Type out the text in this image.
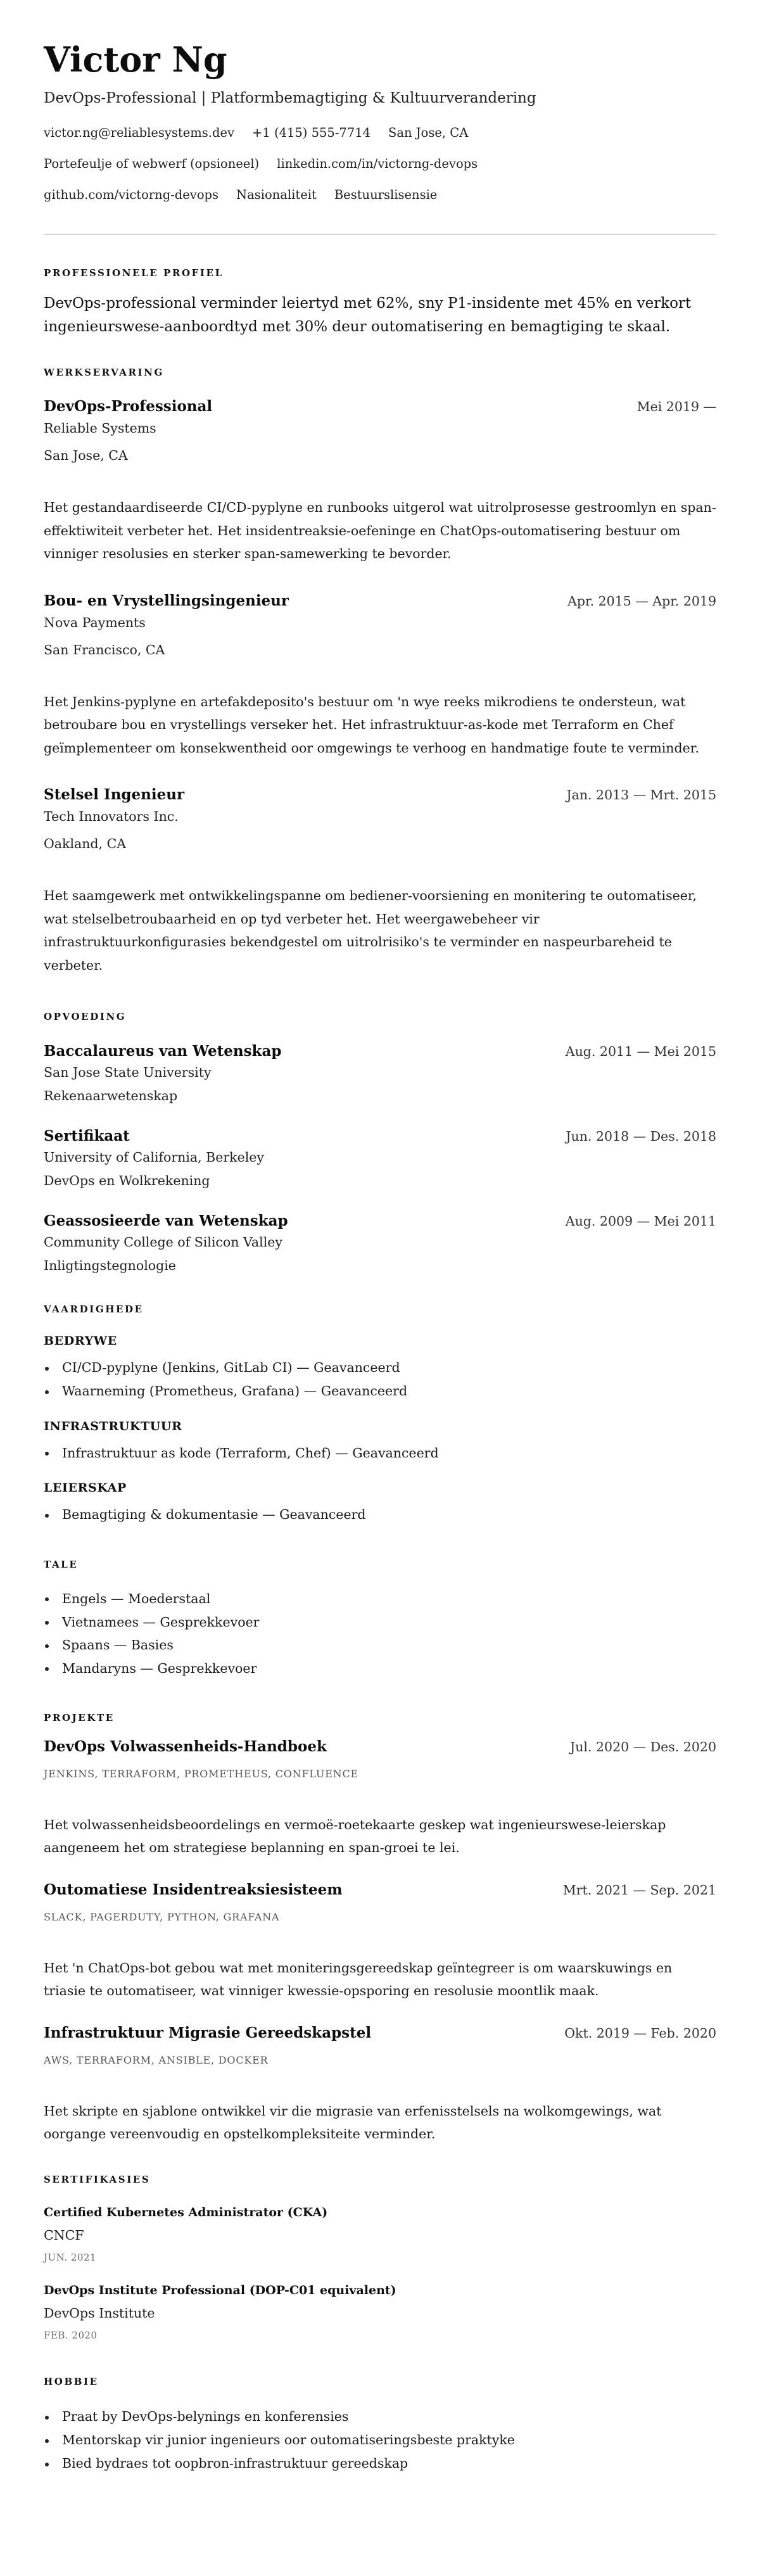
Victor Ng
DevOps-Professional | Platformbemagtiging & Kultuurverandering
victor.ng@reliablesystems.dev +1 (415) 555-7714 San Jose, CA
Portefeulje of webwerf (opsioneel) linkedin.com/in/victorng-devops
github.com/victorng-devops Nasionaliteit Bestuurslisensie
PROFESSIONELE PROFIEL
DevOps-professional verminder leiertyd met 62%, sny P1-insidente met 45% en verkort ingenieurswese-aanboordtyd met 30% deur outomatisering en bemagtiging te skaal.
WERKSERVARING
DevOps-Professional	Mei 2019 —
Reliable Systems
San Jose, CA
Het gestandaardiseerde CI/CD-pyplyne en runbooks uitgerol wat uitrolprosesse gestroomlyn en span-effektiwiteit verbeter het. Het insidentreaksie-oefeninge en ChatOps-outomatisering bestuur om vinniger resolusies en sterker span-samewerking te bevorder.
Bou- en Vrystellingsingenieur	Apr. 2015 — Apr. 2019
Nova Payments
San Francisco, CA
Het Jenkins-pyplyne en artefakdeposito's bestuur om 'n wye reeks mikrodiens te ondersteun, wat betroubare bou en vrystellings verseker het. Het infrastruktuur-as-kode met Terraform en Chef geïmplementeer om konsekwentheid oor omgewings te verhoog en handmatige foute te verminder.
Stelsel Ingenieur	Jan. 2013 — Mrt. 2015
Tech Innovators Inc.
Oakland, CA
Het saamgewerk met ontwikkelingspanne om bediener-voorsiening en monitering te outomatiseer, wat stelselbetroubaarheid en op tyd verbeter het. Het weergawebeheer vir infrastruktuurkonfigurasies bekendgestel om uitrolrisiko's te verminder en naspeurbareheid te verbeter.
OPVOEDING
Baccalaureus van Wetenskap	Aug. 2011 — Mei 2015
San Jose State University
Rekenaarwetenskap
Sertifikaat	Jun. 2018 — Des. 2018
University of California, Berkeley
DevOps en Wolkrekening
Geassosieerde van Wetenskap	Aug. 2009 — Mei 2011
Community College of Silicon Valley
Inligtingstegnologie
VAARDIGHEDE
BEDRYWE
CI/CD-pyplyne (Jenkins, GitLab CI) — Geavanceerd
Waarneming (Prometheus, Grafana) — Geavanceerd
INFRASTRUKTUUR
Infrastruktuur as kode (Terraform, Chef) — Geavanceerd
LEIERSKAP
Bemagtiging & dokumentasie — Geavanceerd
TALE
Engels — Moederstaal
Vietnamees — Gesprekkevoer
Spaans — Basies
Mandaryns — Gesprekkevoer
PROJEKTE
DevOps Volwassenheids-Handboek	Jul. 2020 — Des. 2020
JENKINS, TERRAFORM, PROMETHEUS, CONFLUENCE
Het volwassenheidsbeoordelings en vermoë-roetekaarte geskep wat ingenieurswese-leierskap aangeneem het om strategiese beplanning en span-groei te lei.
Outomatiese Insidentreaksiesisteem	Mrt. 2021 — Sep. 2021
SLACK, PAGERDUTY, PYTHON, GRAFANA
Het 'n ChatOps-bot gebou wat met moniteringsgereedskap geïntegreer is om waarskuwings en triasie te outomatiseer, wat vinniger kwessie-opsporing en resolusie moontlik maak.
Infrastruktuur Migrasie Gereedskapstel	Okt. 2019 — Feb. 2020
AWS, TERRAFORM, ANSIBLE, DOCKER
Het skripte en sjablone ontwikkel vir die migrasie van erfenisstelsels na wolkomgewings, wat oorgange vereenvoudig en opstelkompleksiteite verminder.
SERTIFIKASIES
Certified Kubernetes Administrator (CKA)
CNCF
JUN. 2021
DevOps Institute Professional (DOP-C01 equivalent)
DevOps Institute
FEB. 2020
HOBBIE
Praat by DevOps-belynings en konferensies
Mentorskap vir junior ingenieurs oor outomatiseringsbeste praktyke
Bied bydraes tot oopbron-infrastruktuur gereedskap
